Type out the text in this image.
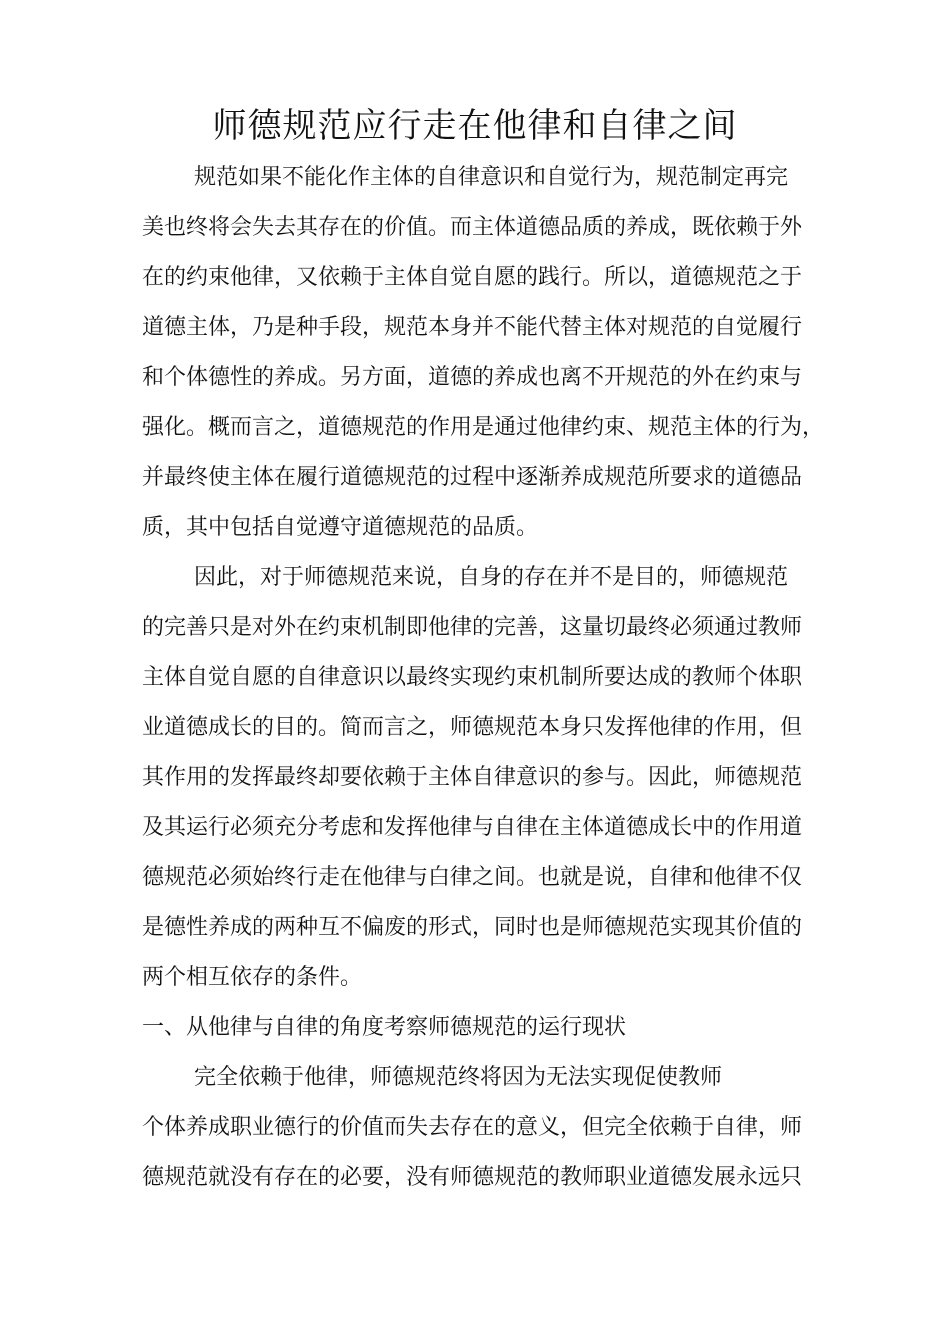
师德规范应行走在他律和自律之间
规范如果不能化作主体的自律意识和自觉行为，规范制定再完
美也终将会失去其存在的价值。而主体道德品质的养成，既依赖于外
在的约束他律，又依赖于主体自觉自愿的践行。所以，道德规范之于
道德主体，乃是种手段，规范本身并不能代替主体对规范的自觉履行
和个体德性的养成。另方面，道德的养成也离不开规范的外在约束与
强化。概而言之，道德规范的作用是通过他律约束、规范主体的行为，
并最终使主体在履行道德规范的过程中逐渐养成规范所要求的道德品
质，其中包括自觉遵守道德规范的品质。
因此，对于师德规范来说，自身的存在并不是目的，师德规范
的完善只是对外在约束机制即他律的完善，这量切最终必须通过教师
主体自觉自愿的自律意识以最终实现约束机制所要达成的教师个体职
业道德成长的目的。简而言之，师德规范本身只发挥他律的作用，但
其作用的发挥最终却要依赖于主体自律意识的参与。因此，师德规范
及其运行必须充分考虑和发挥他律与自律在主体道德成长中的作用道
德规范必须始终行走在他律与白律之间。也就是说，自律和他律不仅
是德性养成的两种互不偏废的形式，同时也是师德规范实现其价值的
两个相互依存的条件。
一、从他律与自律的角度考察师德规范的运行现状
完全依赖于他律，师德规范终将因为无法实现促使教师
个体养成职业德行的价值而失去存在的意义，但完全依赖于自律，师
德规范就没有存在的必要，没有师德规范的教师职业道德发展永远只
